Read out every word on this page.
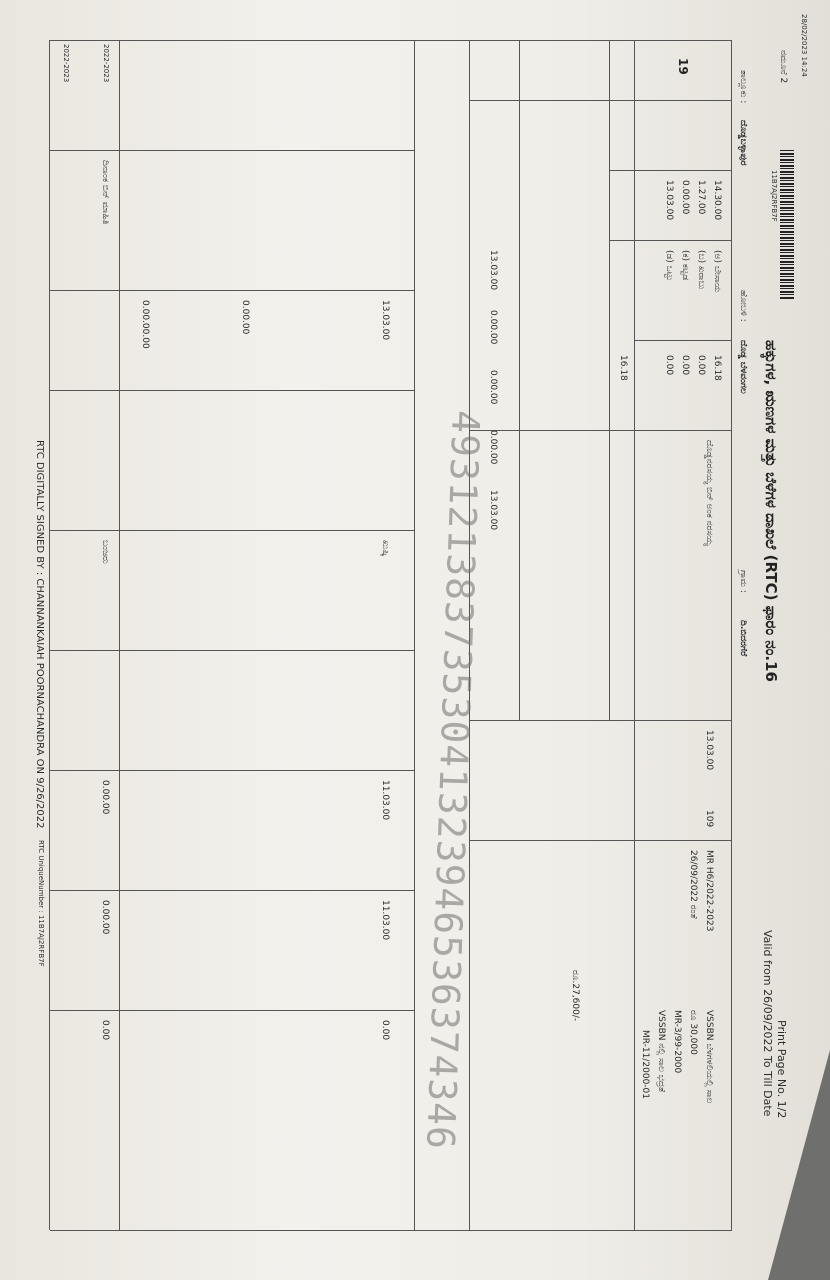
28/02/2023 14:24
ನಮೂನೆ 2
11B7AJ2RFB7F
ಹಕ್ಕುಗಳ, ಋಣಗಳ ಮತ್ತು ಬೆಳೆಗಳ ದಾಖಲೆ (RTC) ಫಾರಂ ನಂ.16
Print Page No. 1/2
Valid from 26/09/2022 To Till Date
ತಾಲ್ಲೂಕು :
ದೊಡ್ಡಬಳ್ಳಾಪುರ
ಹೋಬಳಿ :
ದೊಡ್ಡ ಬೆಳವಂಗಲ
ಗ್ರಾಮ :
ದಿ.ಬಿದರಗೆರೆ
19
14.30.00
(ಅ) ಬೇಸಾಯ
(ಬ) ಖರಾಬು
(ಕ) ಕಟ್ಟಡ
(ಡ) ಒಟ್ಟು
1.27.00
0.00.00
13.03.00
16.18
0.00
0.00
0.00
16.18
ದೊಡ್ಡನರಸಯ್ಯ ಬಿನ್ ಅಂಕ ನರಸಯ್ಯ
13.03.00
109
MR H6/2022-2023
26/09/2022 ರಂತೆ
VSSBN ಬೆಳಗಳಲಿಯಲ್ಲಿ ಸಾಲ
ರೂ 30,000
MR-3/99-2000
VSSBN ನಲ್ಲಿ ಸಾಲ ಭದ್ರತೆ
MR-11/2000-01
ರೂ.27,600/-
13.03.00
0.00.00
0.00.00
0.00.00
13.03.00
2022-2023
2022-2023
13.03.00
ಖುಷ್ಕಿ
11.03.00
11.03.00
0.00
0.00.00
0.00.00.00
0.00.00
0.00.00
0.00
ಬಂಜರು
ದಿನಾಂಕ ಬಿನ್ ಮಾಹಿತಿ
4931213837353041323946536374346
RTC DIGITALLY SIGNED BY : CHANNANKAIAH POORNACHANDRA ON 9/26/2022
RTC UniqueNumber : 11B7AJ2RFB7F
